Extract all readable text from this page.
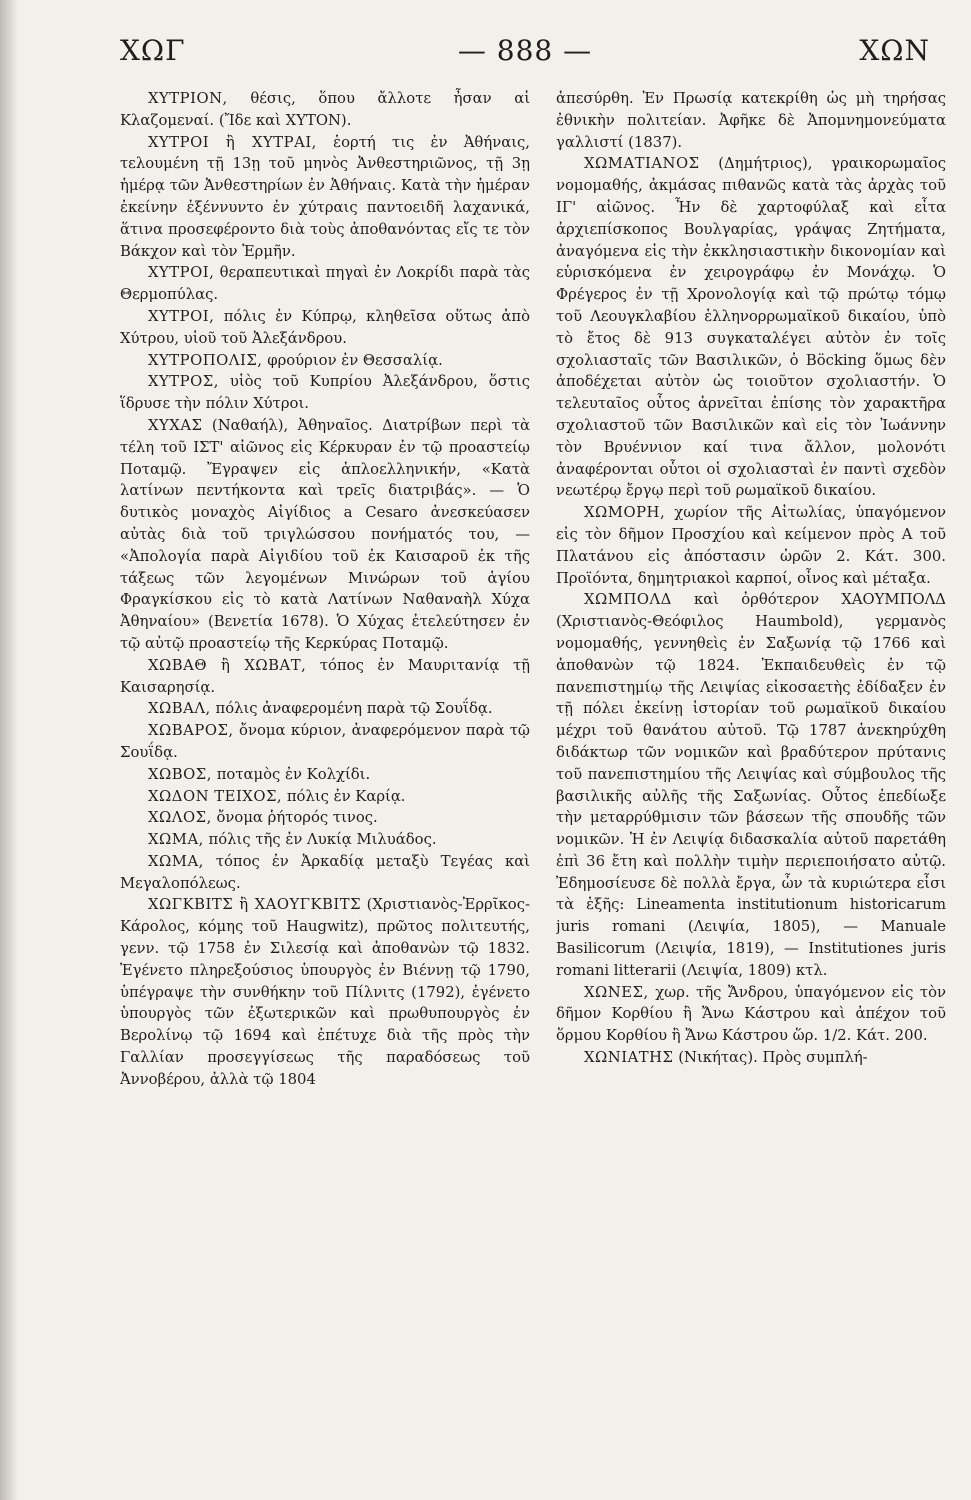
ΧΩΓ	— 888 —	ΧΩΝ

ΧΥΤΡΙΟΝ, θέσις, ὅπου ἄλλοτε ἦσαν αἱ Κλαζομεναί. (Ἴδε καὶ ΧΥΤΟΝ).

ΧΥΤΡΟΙ ἢ ΧΥΤΡΑΙ, ἑορτή τις ἐν Ἀθήναις, τελουμένη τῇ 13ῃ τοῦ μηνὸς Ἀνθεστηριῶνος, τῇ 3ῃ ἡμέρᾳ τῶν Ἀνθεστηρίων ἐν Ἀθήναις. Κατὰ τὴν ἡμέραν ἐκείνην ἐξέννυντο ἐν χύτραις παντοειδῆ λαχανικά, ἅτινα προσεφέροντο διὰ τοὺς ἀποθανόντας εἴς τε τὸν Βάκχον καὶ τὸν Ἑρμῆν.

ΧΥΤΡΟΙ, θεραπευτικαὶ πηγαὶ ἐν Λοκρίδι παρὰ τὰς Θερμοπύλας.

ΧΥΤΡΟΙ, πόλις ἐν Κύπρῳ, κληθεῖσα οὕτως ἀπὸ Χύτρου, υἱοῦ τοῦ Ἀλεξάνδρου.

ΧΥΤΡΟΠΟΛΙΣ, φρούριον ἐν Θεσσαλίᾳ.

ΧΥΤΡΟΣ, υἱὸς τοῦ Κυπρίου Ἀλεξάνδρου, ὅστις ἵδρυσε τὴν πόλιν Χύτροι.

ΧΥΧΑΣ (Ναθαήλ), Ἀθηναῖος. Διατρίβων περὶ τὰ τέλη τοῦ ΙΣΤ' αἰῶνος εἰς Κέρκυραν ἐν τῷ προαστείῳ Ποταμῷ. Ἔγραψεν εἰς ἁπλοελληνικήν, «Κατὰ λατίνων πεντήκοντα καὶ τρεῖς διατριβάς». — Ὁ δυτικὸς μοναχὸς Αἰγίδιος a Cesaro ἀνεσκεύασεν αὐτὰς διὰ τοῦ τριγλώσσου πονήματός του, — «Ἀπολογία παρὰ Αἰγιδίου τοῦ ἐκ Καισαροῦ ἐκ τῆς τάξεως τῶν λεγομένων Μινώρων τοῦ ἁγίου Φραγκίσκου εἰς τὸ κατὰ Λατίνων Ναθαναὴλ Χύχα Ἀθηναίου» (Βενετία 1678). Ὁ Χύχας ἐτελεύτησεν ἐν τῷ αὐτῷ προαστείῳ τῆς Κερκύρας Ποταμῷ.

ΧΩΒΑΘ ἢ ΧΩΒΑΤ, τόπος ἐν Μαυριτανίᾳ τῇ Καισαρησίᾳ.

ΧΩΒΑΛ, πόλις ἀναφερομένη παρὰ τῷ Σουΐδᾳ.

ΧΩΒΑΡΟΣ, ὄνομα κύριον, ἀναφερόμενον παρὰ τῷ Σουΐδᾳ.

ΧΩΒΟΣ, ποταμὸς ἐν Κολχίδι.

ΧΩΔΟΝ ΤΕΙΧΟΣ, πόλις ἐν Καρίᾳ.

ΧΩΛΟΣ, ὄνομα ῥήτορός τινος.

ΧΩΜΑ, πόλις τῆς ἐν Λυκίᾳ Μιλυάδος.

ΧΩΜΑ, τόπος ἐν Ἀρκαδίᾳ μεταξὺ Τεγέας καὶ Μεγαλοπόλεως.

ΧΩΓΚΒΙΤΣ ἢ ΧΑΟΥΓΚΒΙΤΣ (Χριστιανὸς-Ἐρρῖκος-Κάρολος, κόμης τοῦ Haugwitz), πρῶτος πολιτευτής, γενν. τῷ 1758 ἐν Σιλεσίᾳ καὶ ἀποθανὼν τῷ 1832. Ἐγένετο πληρεξούσιος ὑπουργὸς ἐν Βιέννῃ τῷ 1790, ὑπέγραψε τὴν συνθήκην τοῦ Πίλνιτς (1792), ἐγένετο ὑπουργὸς τῶν ἐξωτερικῶν καὶ πρωθυπουργὸς ἐν Βερολίνῳ τῷ 1694 καὶ ἐπέτυχε διὰ τῆς πρὸς τὴν Γαλλίαν προσεγγίσεως τῆς παραδόσεως τοῦ Ἀννοβέρου, ἀλλὰ τῷ 1804

ἀπεσύρθη. Ἐν Πρωσίᾳ κατεκρίθη ὡς μὴ τηρήσας ἐθνικὴν πολιτείαν. Ἀφῆκε δὲ Ἀπομνημονεύματα γαλλιστί (1837).

ΧΩΜΑΤΙΑΝΟΣ (Δημήτριος), γραικορωμαῖος νομομαθής, ἀκμάσας πιθανῶς κατὰ τὰς ἀρχὰς τοῦ ΙΓ' αἰῶνος. Ἦν δὲ χαρτοφύλαξ καὶ εἶτα ἀρχιεπίσκοπος Βουλγαρίας, γράψας Ζητήματα, ἀναγόμενα εἰς τὴν ἐκκλησιαστικὴν δικονομίαν καὶ εὑρισκόμενα ἐν χειρογράφῳ ἐν Μονάχῳ. Ὁ Φρέγερος ἐν τῇ Χρονολογίᾳ καὶ τῷ πρώτῳ τόμῳ τοῦ Λεουγκλαβίου ἑλληνορρωμαϊκοῦ δικαίου, ὑπὸ τὸ ἔτος δὲ 913 συγκαταλέγει αὐτὸν ἐν τοῖς σχολιασταῖς τῶν Βασιλικῶν, ὁ Böcking ὅμως δὲν ἀποδέχεται αὐτὸν ὡς τοιοῦτον σχολιαστήν. Ὁ τελευταῖος οὗτος ἀρνεῖται ἐπίσης τὸν χαρακτῆρα σχολιαστοῦ τῶν Βασιλικῶν καὶ εἰς τὸν Ἰωάννην τὸν Βρυέννιον καί τινα ἄλλον, μολονότι ἀναφέρονται οὗτοι οἱ σχολιασταὶ ἐν παντὶ σχεδὸν νεωτέρῳ ἔργῳ περὶ τοῦ ρωμαϊκοῦ δικαίου.

ΧΩΜΟΡΗ, χωρίον τῆς Αἰτωλίας, ὑπαγόμενον εἰς τὸν δῆμον Προσχίου καὶ κείμενον πρὸς Α τοῦ Πλατάνου εἰς ἀπόστασιν ὡρῶν 2. Κάτ. 300. Προϊόντα, δημητριακοὶ καρποί, οἶνος καὶ μέταξα.

ΧΩΜΠΟΛΔ καὶ ὀρθότερον ΧΑΟΥΜΠΟΛΔ (Χριστιανὸς-Θεόφιλος Haumbold), γερμανὸς νομομαθής, γεννηθεὶς ἐν Σαξωνίᾳ τῷ 1766 καὶ ἀποθανὼν τῷ 1824. Ἐκπαιδευθεὶς ἐν τῷ πανεπιστημίῳ τῆς Λειψίας εἰκοσαετὴς ἐδίδαξεν ἐν τῇ πόλει ἐκείνῃ ἱστορίαν τοῦ ρωμαϊκοῦ δικαίου μέχρι τοῦ θανάτου αὐτοῦ. Τῷ 1787 ἀνεκηρύχθη διδάκτωρ τῶν νομικῶν καὶ βραδύτερον πρύτανις τοῦ πανεπιστημίου τῆς Λειψίας καὶ σύμβουλος τῆς βασιλικῆς αὐλῆς τῆς Σαξωνίας. Οὗτος ἐπεδίωξε τὴν μεταρρύθμισιν τῶν βάσεων τῆς σπουδῆς τῶν νομικῶν. Ἡ ἐν Λειψίᾳ διδασκαλία αὐτοῦ παρετάθη ἐπὶ 36 ἔτη καὶ πολλὴν τιμὴν περιεποιήσατο αὐτῷ. Ἐδημοσίευσε δὲ πολλὰ ἔργα, ὧν τὰ κυριώτερα εἶσι τὰ ἑξῆς: Lineamenta institutionum historicarum juris romani (Λειψία, 1805), — Manuale Basilicorum (Λειψία, 1819), — Institutiones juris romani litterarii (Λειψία, 1809) κτλ.

ΧΩΝΕΣ, χωρ. τῆς Ἄνδρου, ὑπαγόμενον εἰς τὸν δῆμον Κορθίου ἢ Ἄνω Κάστρου καὶ ἀπέχον τοῦ ὅρμου Κορθίου ἢ Ἄνω Κάστρου ὥρ. 1/2. Κάτ. 200.

ΧΩΝΙΑΤΗΣ (Νικήτας). Πρὸς συμπλή-
